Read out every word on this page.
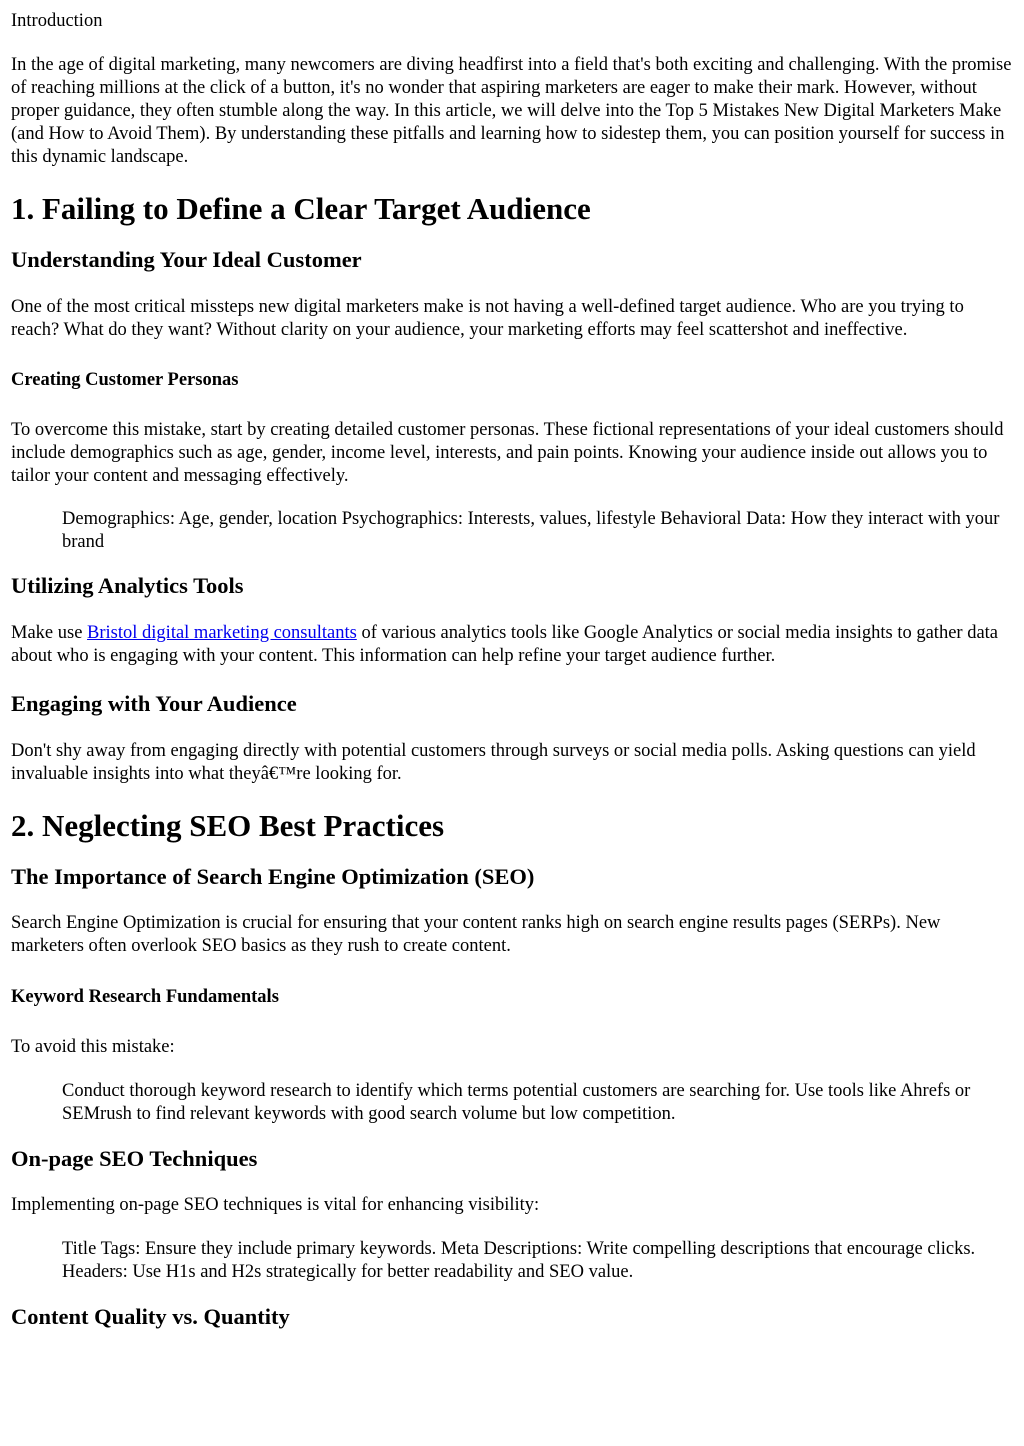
Introduction

In the age of digital marketing, many newcomers are diving headfirst into a field that's both exciting and challenging. With the promise of reaching millions at the click of a button, it's no wonder that aspiring marketers are eager to make their mark. However, without proper guidance, they often stumble along the way. In this article, we will delve into the Top 5 Mistakes New Digital Marketers Make (and How to Avoid Them). By understanding these pitfalls and learning how to sidestep them, you can position yourself for success in this dynamic landscape.

1. Failing to Define a Clear Target Audience
Understanding Your Ideal Customer

One of the most critical missteps new digital marketers make is not having a well-defined target audience. Who are you trying to reach? What do they want? Without clarity on your audience, your marketing efforts may feel scattershot and ineffective.

Creating Customer Personas

To overcome this mistake, start by creating detailed customer personas. These fictional representations of your ideal customers should include demographics such as age, gender, income level, interests, and pain points. Knowing your audience inside out allows you to tailor your content and messaging effectively.

Demographics: Age, gender, location Psychographics: Interests, values, lifestyle Behavioral Data: How they interact with your brand

Utilizing Analytics Tools

Make use Bristol digital marketing consultants of various analytics tools like Google Analytics or social media insights to gather data about who is engaging with your content. This information can help refine your target audience further.

Engaging with Your Audience

Don't shy away from engaging directly with potential customers through surveys or social media polls. Asking questions can yield invaluable insights into what theyâ€™re looking for.

2. Neglecting SEO Best Practices
The Importance of Search Engine Optimization (SEO)

Search Engine Optimization is crucial for ensuring that your content ranks high on search engine results pages (SERPs). New marketers often overlook SEO basics as they rush to create content.

Keyword Research Fundamentals

To avoid this mistake:

Conduct thorough keyword research to identify which terms potential customers are searching for. Use tools like Ahrefs or SEMrush to find relevant keywords with good search volume but low competition.

On-page SEO Techniques

Implementing on-page SEO techniques is vital for enhancing visibility:

Title Tags: Ensure they include primary keywords. Meta Descriptions: Write compelling descriptions that encourage clicks. Headers: Use H1s and H2s strategically for better readability and SEO value.

Content Quality vs. Quantity
